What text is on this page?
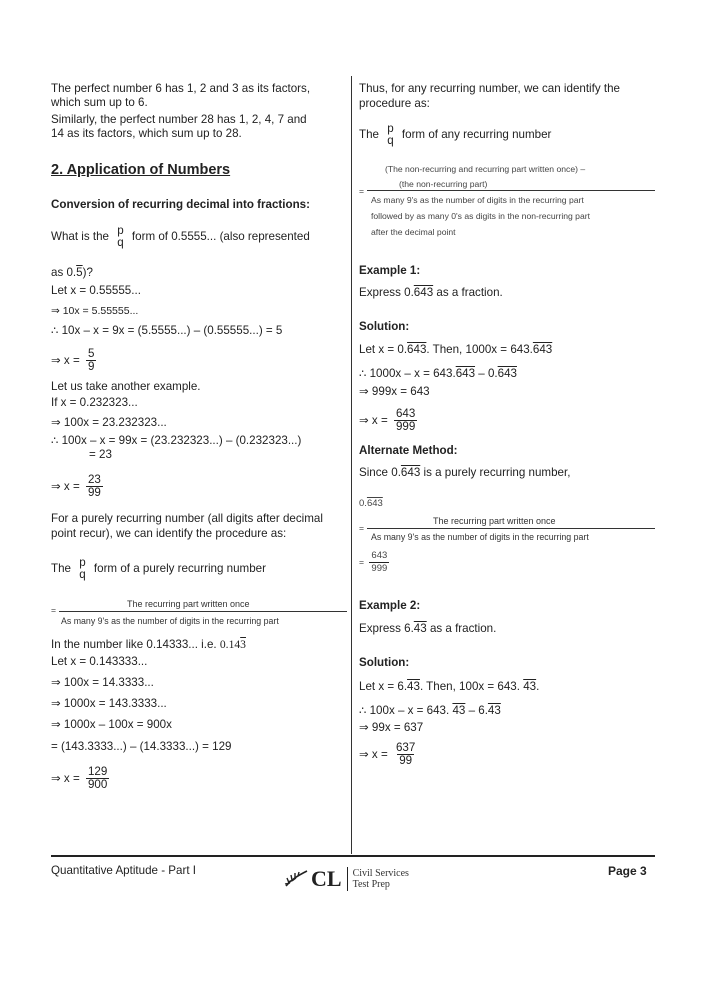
The perfect number 6 has 1, 2 and 3 as its factors,
which sum up to 6.
Similarly, the perfect number 28 has 1, 2, 4, 7 and
14 as its factors, which sum up to 28.
2. Application of Numbers
Conversion of recurring decimal into fractions:
What is the p
q form of 0.5555... (also represented
as 0.5)?
Let x = 0.55555...
⇒ 10x = 5.55555...
∴ 10x – x = 9x = (5.5555...) – (0.55555...) = 5
⇒ $x = \frac{5}{9}$
Let us take another example.
If x = 0.232323...
⇒ 100x = 23.232323...
∴ 100x – x = 99x = (23.232323...) – (0.232323...)
= 23
⇒ $x = \frac{23}{99}$
For a purely recurring number (all digits after decimal
point recur), we can identify the procedure as:
The p
q form of a purely recurring number
The recurring part written once
=
As many 9's as the number of digits in the recurring part
In the number like 0.14333... i.e. 0.143
Let x = 0.143333...
⇒ 100x = 14.3333...
⇒ 1000x = 143.3333...
⇒ 1000x – 100x = 900x
= (143.3333...) – (14.3333...) = 129
⇒ $x = \frac{129}{900}$
Thus, for any recurring number, we can identify the
procedure as:
The p
q form of any recurring number
(The non-recurring and recurring part written once) –
(the non-recurring part)
=
As many 9's as the number of digits in the recurring part
followed by as many 0's as digits in the non-recurring part
after the decimal point
Example 1:
Express 0.643 as a fraction.
Solution:
Let x = 0.643. Then, 1000x = 643.643
∴ 1000x – x = 643.643 – 0.643
⇒ 999x = 643
⇒ $x = \frac{643}{999}$
Alternate Method:
Since 0.643 is a purely recurring number,
0.643
The recurring part written once
=
As many 9's as the number of digits in the recurring part
= $\frac{643}{999}$
Example 2:
Express 6.43 as a fraction.
Solution:
Let x = 6.43. Then, 100x = 643. 43.
∴ 100x – x = 643. 43 – 6.43
⇒ 99x = 637
⇒ $x = \frac{637}{99}$
Quantitative Aptitude - Part I	CL Civil Services
Test Prep
Page 3
